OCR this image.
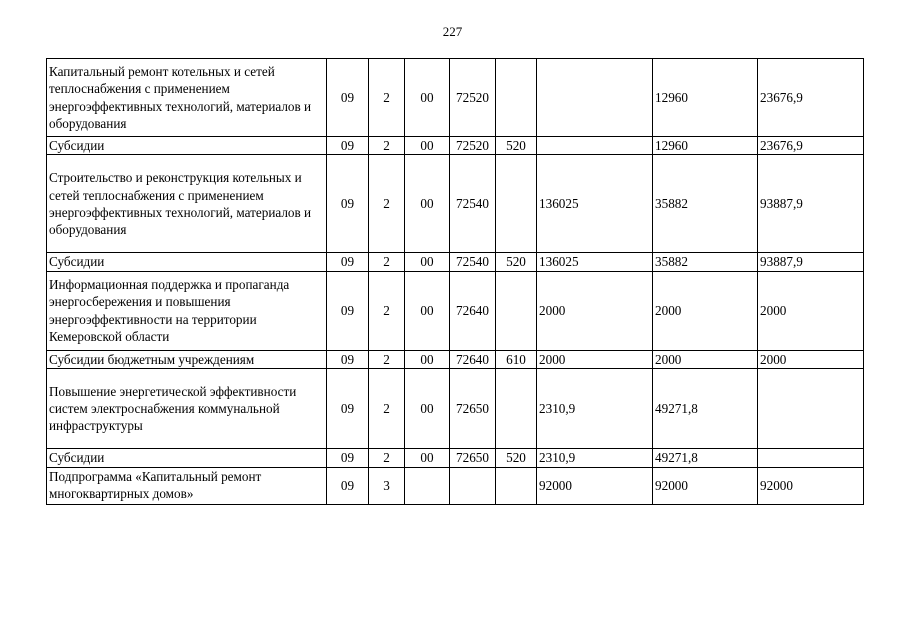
227
Капитальный ремонт котельных и сетей теплоснабжения с применением энергоэффективных технологий, материалов и оборудования	09	2	00	72520			12960	23676,9
Субсидии	09	2	00	72520	520		12960	23676,9
Строительство и реконструкция котельных и сетей теплоснабжения с применением энергоэффективных технологий, материалов и оборудования	09	2	00	72540		136025	35882	93887,9
Субсидии	09	2	00	72540	520	136025	35882	93887,9
Информационная поддержка и пропаганда энергосбережения и повышения энергоэффективности на территории Кемеровской области	09	2	00	72640		2000	2000	2000
Субсидии бюджетным учреждениям	09	2	00	72640	610	2000	2000	2000
Повышение энергетической эффективности систем электроснабжения коммунальной инфраструктуры	09	2	00	72650		2310,9	49271,8	
Субсидии	09	2	00	72650	520	2310,9	49271,8	
Подпрограмма «Капитальный ремонт многоквартирных домов»	09	3				92000	92000	92000
